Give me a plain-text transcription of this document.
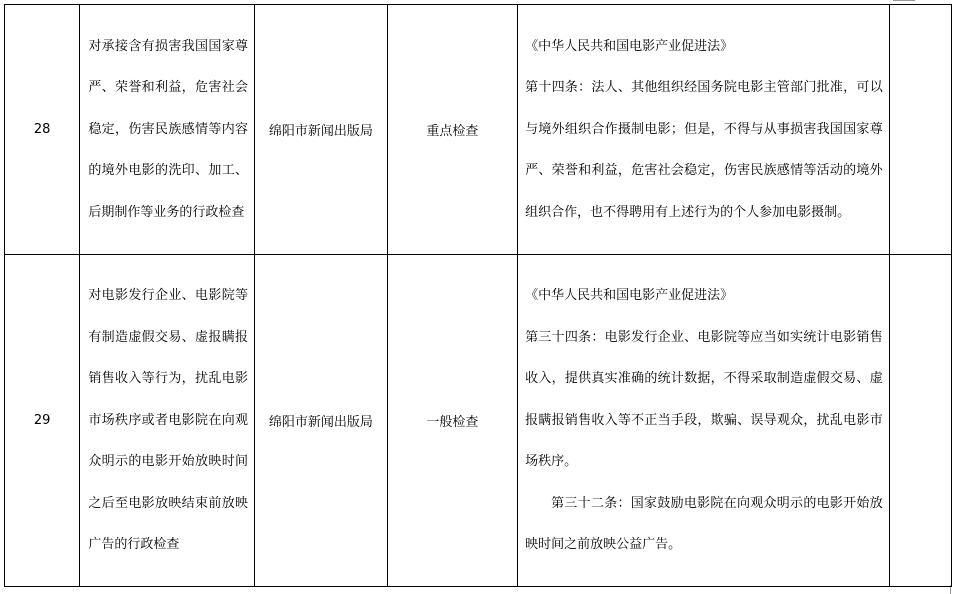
28	对承接含有损害我国国家尊严、荣誉和利益，危害社会稳定，伤害民族感情等内容的境外电影的洗印、加工、后期制作等业务的行政检查	绵阳市新闻出版局	重点检查	《中华人民共和国电影产业促进法》

第十四条：法人、其他组织经国务院电影主管部门批准，可以与境外组织合作摄制电影；但是，不得与从事损害我国国家尊严、荣誉和利益，危害社会稳定，伤害民族感情等活动的境外组织合作，也不得聘用有上述行为的个人参加电影摄制。	

29	对电影发行企业、电影院等有制造虚假交易、虚报瞒报销售收入等行为，扰乱电影市场秩序或者电影院在向观众明示的电影开始放映时间之后至电影放映结束前放映广告的行政检查	绵阳市新闻出版局	一般检查	《中华人民共和国电影产业促进法》

第三十四条：电影发行企业、电影院等应当如实统计电影销售收入，提供真实准确的统计数据，不得采取制造虚假交易、虚报瞒报销售收入等不正当手段，欺骗、误导观众，扰乱电影市场秩序。

第三十二条：国家鼓励电影院在向观众明示的电影开始放映时间之前放映公益广告。	
